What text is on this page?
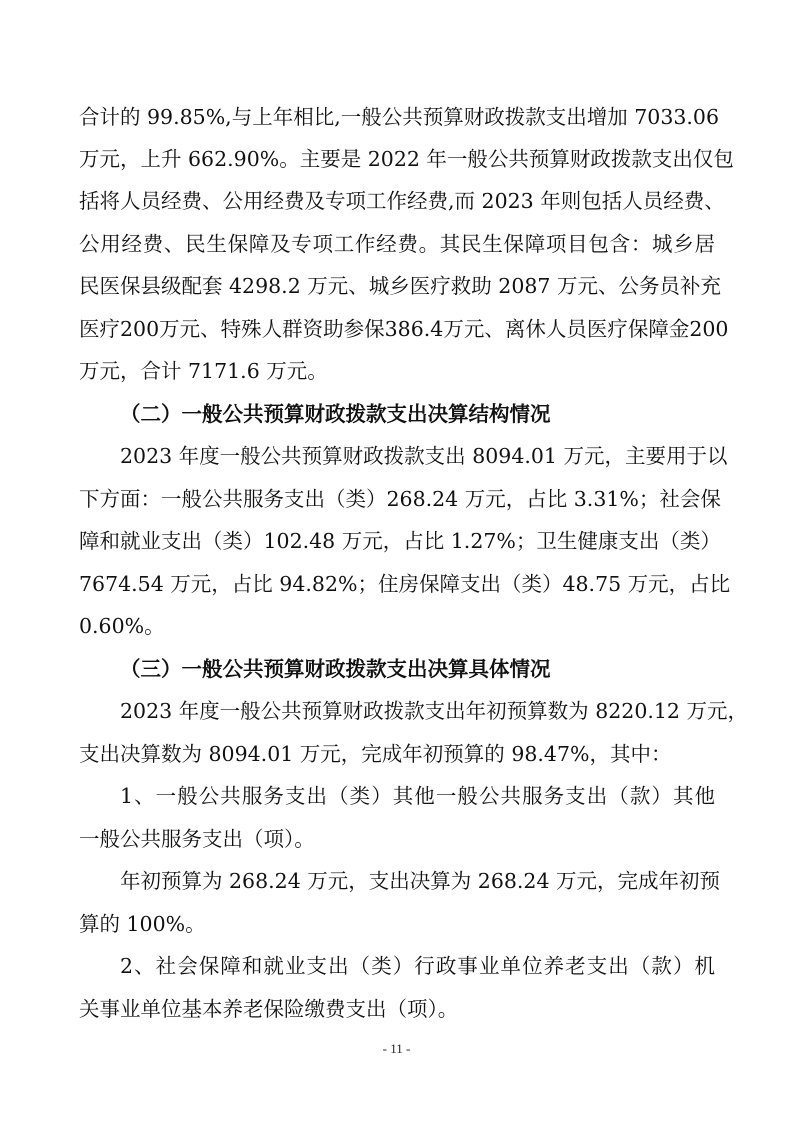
合计的 99.85%,与上年相比,一般公共预算财政拨款支出增加 7033.06
万元，上升 662.90%。主要是 2022 年一般公共预算财政拨款支出仅包
括将人员经费、公用经费及专项工作经费,而 2023 年则包括人员经费、
公用经费、民生保障及专项工作经费。其民生保障项目包含：城乡居
民医保县级配套 4298.2 万元、城乡医疗救助 2087 万元、公务员补充
医疗200万元、特殊人群资助参保386.4万元、离休人员医疗保障金200
万元，合计 7171.6 万元。
（二）一般公共预算财政拨款支出决算结构情况
2023 年度一般公共预算财政拨款支出 8094.01 万元，主要用于以
下方面：一般公共服务支出（类）268.24 万元，占比 3.31%；社会保
障和就业支出（类）102.48 万元，占比 1.27%；卫生健康支出（类）
7674.54 万元，占比 94.82%；住房保障支出（类）48.75 万元，占比
0.60%。
（三）一般公共预算财政拨款支出决算具体情况
2023 年度一般公共预算财政拨款支出年初预算数为 8220.12 万元，
支出决算数为 8094.01 万元，完成年初预算的 98.47%，其中：
1、一般公共服务支出（类）其他一般公共服务支出（款）其他
一般公共服务支出（项）。
年初预算为 268.24 万元，支出决算为 268.24 万元，完成年初预
算的 100%。
2、社会保障和就业支出（类）行政事业单位养老支出（款）机
关事业单位基本养老保险缴费支出（项）。
- 11 -
